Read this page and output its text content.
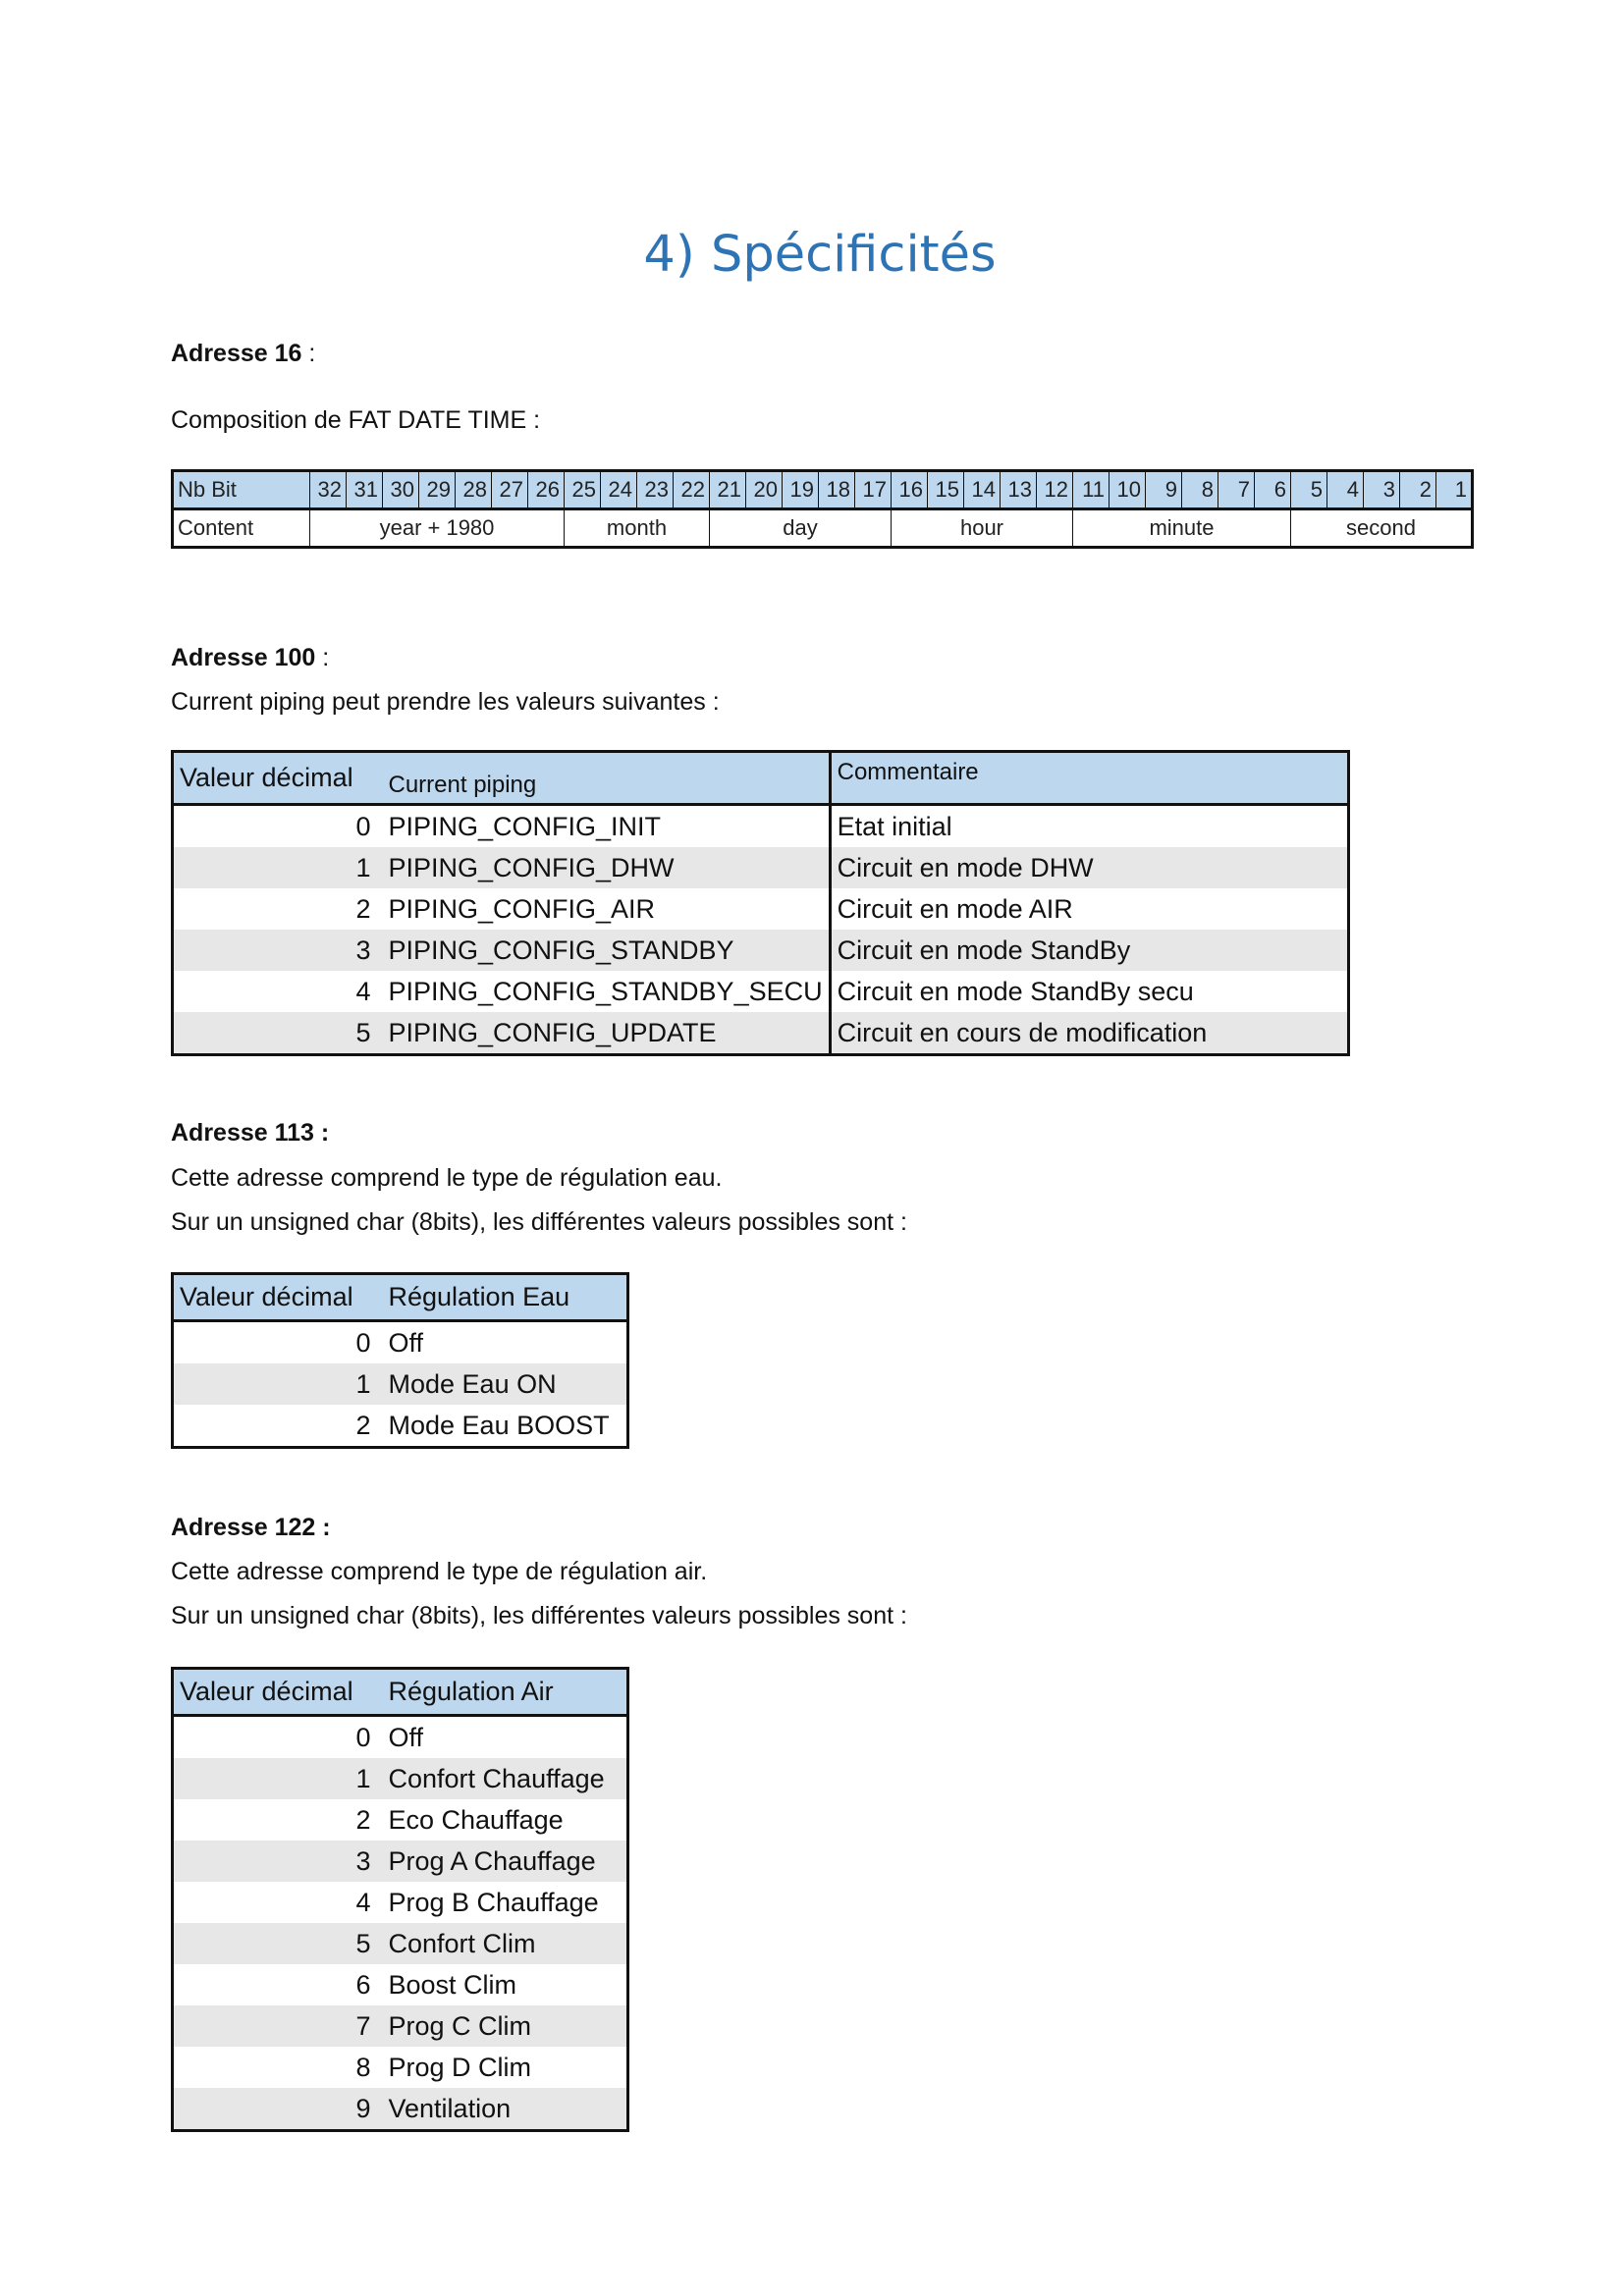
4) Spécificités
Adresse 16 :
Composition de FAT DATE TIME :
Nb Bit	32	31	30	29	28	27	26	25	24	23	22	21	20	19	18	17	16	15	14	13	12	11	10	9	8	7	6	5	4	3	2	1
Content	year + 1980							month				day					hour					minute						second				
Adresse 100 :
Current piping peut prendre les valeurs suivantes :
Valeur décimal	Current piping	Commentaire
0	PIPING_CONFIG_INIT	Etat initial
1	PIPING_CONFIG_DHW	Circuit en mode DHW
2	PIPING_CONFIG_AIR	Circuit en mode AIR
3	PIPING_CONFIG_STANDBY	Circuit en mode StandBy
4	PIPING_CONFIG_STANDBY_SECU	Circuit en mode StandBy secu
5	PIPING_CONFIG_UPDATE	Circuit en cours de modification
Adresse 113 :
Cette adresse comprend le type de régulation eau.
Sur un unsigned char (8bits), les différentes valeurs possibles sont :
Valeur décimal	Régulation Eau
0	Off
1	Mode Eau ON
2	Mode Eau BOOST
Adresse 122 :
Cette adresse comprend le type de régulation air.
Sur un unsigned char (8bits), les différentes valeurs possibles sont :
Valeur décimal	Régulation Air
0	Off
1	Confort Chauffage
2	Eco Chauffage
3	Prog A Chauffage
4	Prog B Chauffage
5	Confort Clim
6	Boost Clim
7	Prog C Clim
8	Prog D Clim
9	Ventilation
